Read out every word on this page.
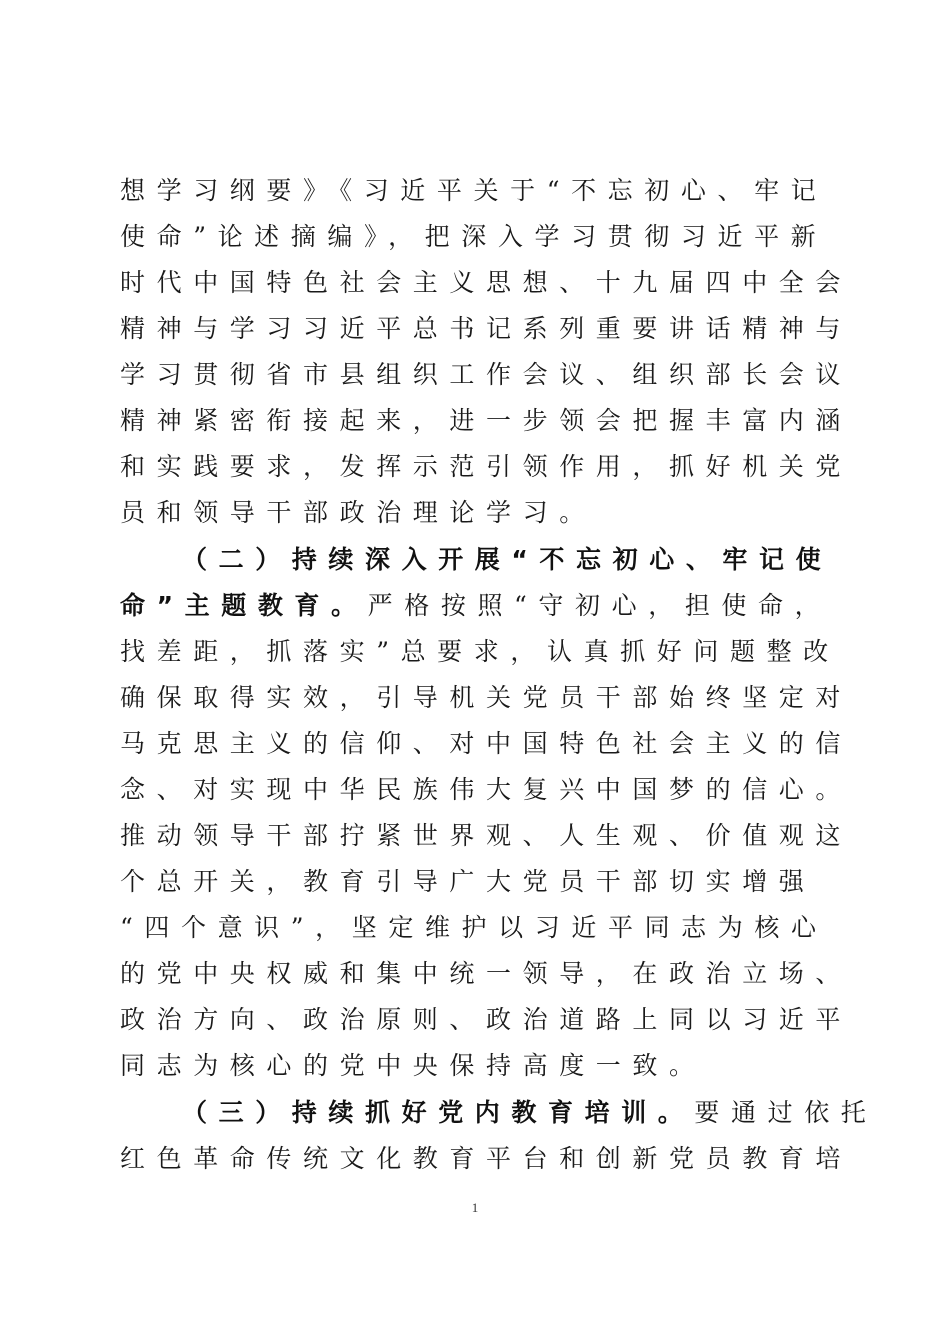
想学习纲要》《习近平关于“不忘初心、牢记
使命”论述摘编》，把深入学习贯彻习近平新
时代中国特色社会主义思想、十九届四中全会
精神与学习习近平总书记系列重要讲话精神与
学习贯彻省市县组织工作会议、组织部长会议
精神紧密衔接起来，进一步领会把握丰富内涵
和实践要求，发挥示范引领作用，抓好机关党
员和领导干部政治理论学习。
（二）持续深入开展“不忘初心、牢记使
命”主题教育。严格按照“守初心，担使命，
找差距，抓落实”总要求，认真抓好问题整改
确保取得实效，引导机关党员干部始终坚定对
马克思主义的信仰、对中国特色社会主义的信
念、对实现中华民族伟大复兴中国梦的信心。
推动领导干部拧紧世界观、人生观、价值观这
个总开关，教育引导广大党员干部切实增强
“四个意识”，坚定维护以习近平同志为核心
的党中央权威和集中统一领导，在政治立场、
政治方向、政治原则、政治道路上同以习近平
同志为核心的党中央保持高度一致。
（三）持续抓好党内教育培训。要通过依托
红色革命传统文化教育平台和创新党员教育培
1
